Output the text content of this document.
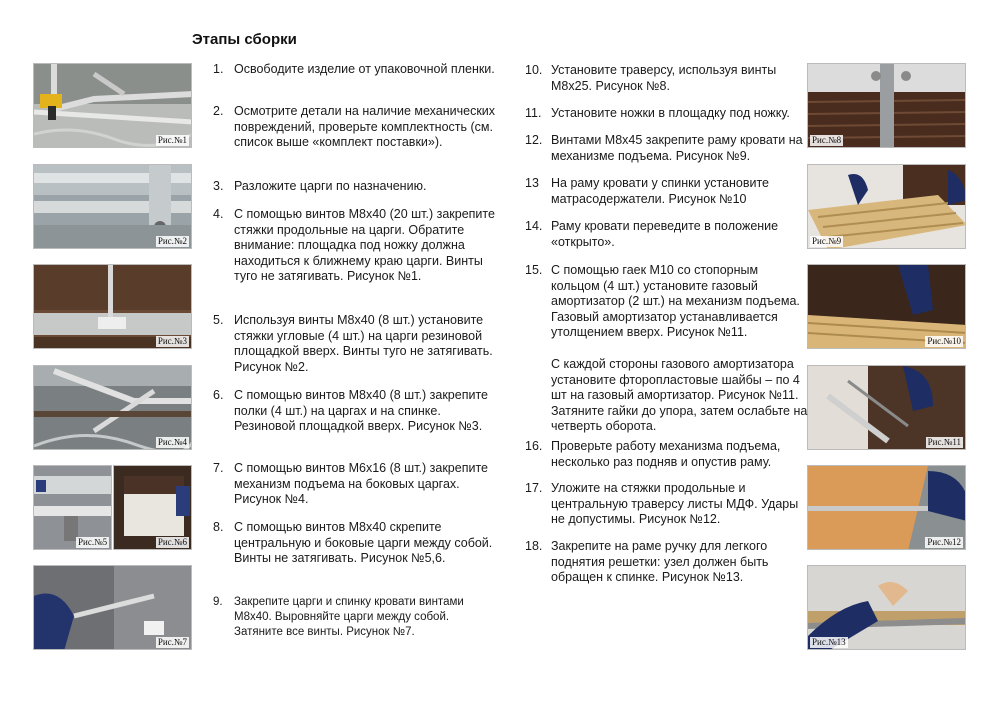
Этапы сборки
Рис.№1
Рис.№2
Рис.№3
Рис.№4
Рис.№5	Рис.№6
Рис.№7
Рис.№8
Рис.№9
Рис.№10
Рис.№11
Рис.№12
Рис.№13
1. Освободите изделие от упаковочной пленки.
2. Осмотрите детали на наличие механических повреждений, проверьте комплектность (см. список выше «комплект поставки»).
3. Разложите царги по назначению.
4. С помощью винтов М8х40 (20 шт.) закрепите стяжки продольные на царги. Обратите внимание: площадка под ножку должна находиться к ближнему краю царги. Винты туго не затягивать. Рисунок №1.
5. Используя винты М8х40 (8 шт.) установите стяжки угловые (4 шт.) на царги резиновой площадкой вверх. Винты туго не затягивать. Рисунок №2.
6. С помощью винтов М8х40 (8 шт.) закрепите полки (4 шт.) на царгах и на спинке. Резиновой площадкой вверх. Рисунок №3.
7. С помощью винтов М6х16 (8 шт.) закрепите механизм подъема на боковых царгах. Рисунок №4.
8. С помощью винтов М8х40 скрепите центральную и боковые царги между собой. Винты не затягивать. Рисунок №5,6.
9. Закрепите царги и спинку кровати винтами М8х40. Выровняйте царги между собой. Затяните все винты. Рисунок №7.
10. Установите траверсу, используя винты М8х25. Рисунок №8.
11. Установите ножки в площадку под ножку.
12. Винтами М8х45 закрепите раму кровати на механизме подъема. Рисунок №9.
13 На раму кровати у спинки установите матрасодержатели. Рисунок №10
14. Раму кровати переведите в положение «открыто».
15. С помощью гаек М10 со стопорным кольцом (4 шт.) установите газовый амортизатор (2 шт.) на механизм подъема. Газовый амортизатор устанавливается утолщением вверх. Рисунок №11.
С каждой стороны газового амортизатора установите фторопластовые шайбы – по 4 шт на газовый амортизатор. Рисунок №11. Затяните гайки до упора, затем ослабьте на четверть оборота.
16. Проверьте работу механизма подъема, несколько раз подняв и опустив раму.
17. Уложите на стяжки продольные и центральную траверсу листы МДФ. Удары не допустимы. Рисунок №12.
18. Закрепите на раме ручку для легкого поднятия решетки: узел должен быть обращен к спинке. Рисунок №13.
